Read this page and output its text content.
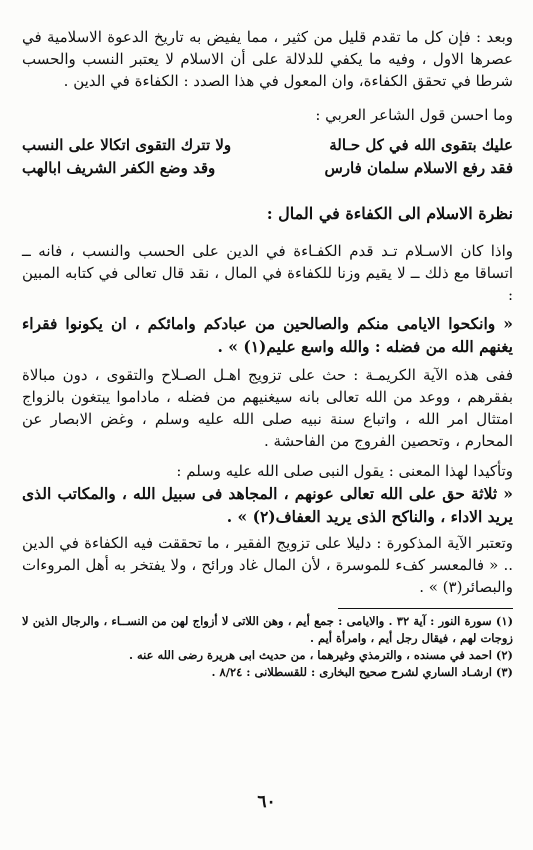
وبعد : فإن كل ما تقدم قليل من كثير ، مما يفيض به تاريخ الدعوة الاسلامية في عصرها الاول ، وفيه ما يكفي للدلالة على أن الاسلام لا يعتبر النسب والحسب شرطا في تحقق الكفاءة، وان المعول في هذا الصدد : الكفاءة في الدين .

وما احسن قول الشاعر العربي :

عليك بتقوى الله في كل حـالة
ولا تترك التقوى اتكالا على النسب
فقد رفع الاسلام سلمان فارس
وقد وضع الكفر الشريف ابالهب

نظرة الاسلام الى الكفاءة في المال :

واذا كان الاسـلام تـد قدم الكفـاءة في الدين على الحسب والنسب ، فانه ــ اتساقا مع ذلك ــ لا يقيم وزنا للكفاءة في المال ، نقد قال تعالى في كتابه المبين :

« وانكحوا الايامى منكم والصالحين من عبادكم وامائكم ، ان يكونوا فقراء يغنهم الله من فضله : والله واسع عليم(١) » .

ففى هذه الآية الكريمـة : حث على تزويج اهـل الصـلاح والتقوى ، دون مبالاة بفقرهم ، ووعد من الله تعالى بانه سيغنيهم من فضله ، ماداموا يبتغون بالزواج امتثال امر الله ، واتباع سنة نبيه صلى الله عليه وسلم ، وغض الابصار عن المحارم ، وتحصين الفروج من الفاحشة .

وتأكيدا لهذا المعنى : يقول النبى صلى الله عليه وسلم :

« ثلاثة حق على الله تعالى عونهم ، المجاهد فى سبيل الله ، والمكاتب الذى يريد الاداء ، والناكح الذى يريد العفاف(٢) » .

وتعتبر الآية المذكورة : دليلا على تزويج الفقير ، ما تحققت فيه الكفاءة في الدين .. « فالمعسر كفء للموسرة ، لأن المال غاد ورائح ، ولا يفتخر به أهل المروءات والبصائر(٣) » .

(١) سورة النور : آية ٣٢ . والايامى : جمع أيم ، وهن اللاتى لا أزواج لهن من النســاء ، والرجال الذين لا زوجات لهم ، فيقال رجل أيم ، وامرأة أيم .

(٢) احمد في مسنده ، والترمذي وغيرهما ، من حديث ابى هريرة رضى الله عنه .

(٣) ارشـاد الساري لشرح صحيح البخارى : للقسطلانى : ٨/٢٤ .

٦٠
